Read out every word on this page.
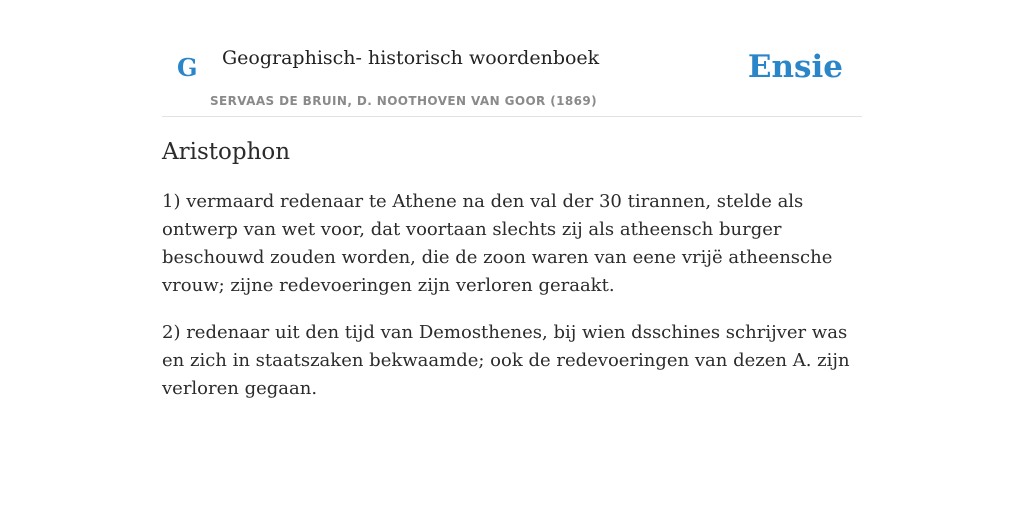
G Geographisch- historisch woordenboek
SERVAAS DE BRUIN, D. NOOTHOVEN VAN GOOR (1869)
Ensie
Aristophon

1) vermaard redenaar te Athene na den val der 30 tirannen, stelde als ontwerp van wet voor, dat voortaan slechts zij als atheensch burger beschouwd zouden worden, die de zoon waren van eene vrijë atheensche vrouw; zijne redevoeringen zijn verloren geraakt.

2) redenaar uit den tijd van Demosthenes, bij wien dsschines schrijver was en zich in staatszaken bekwaamde; ook de redevoeringen van dezen A. zijn verloren gegaan.
